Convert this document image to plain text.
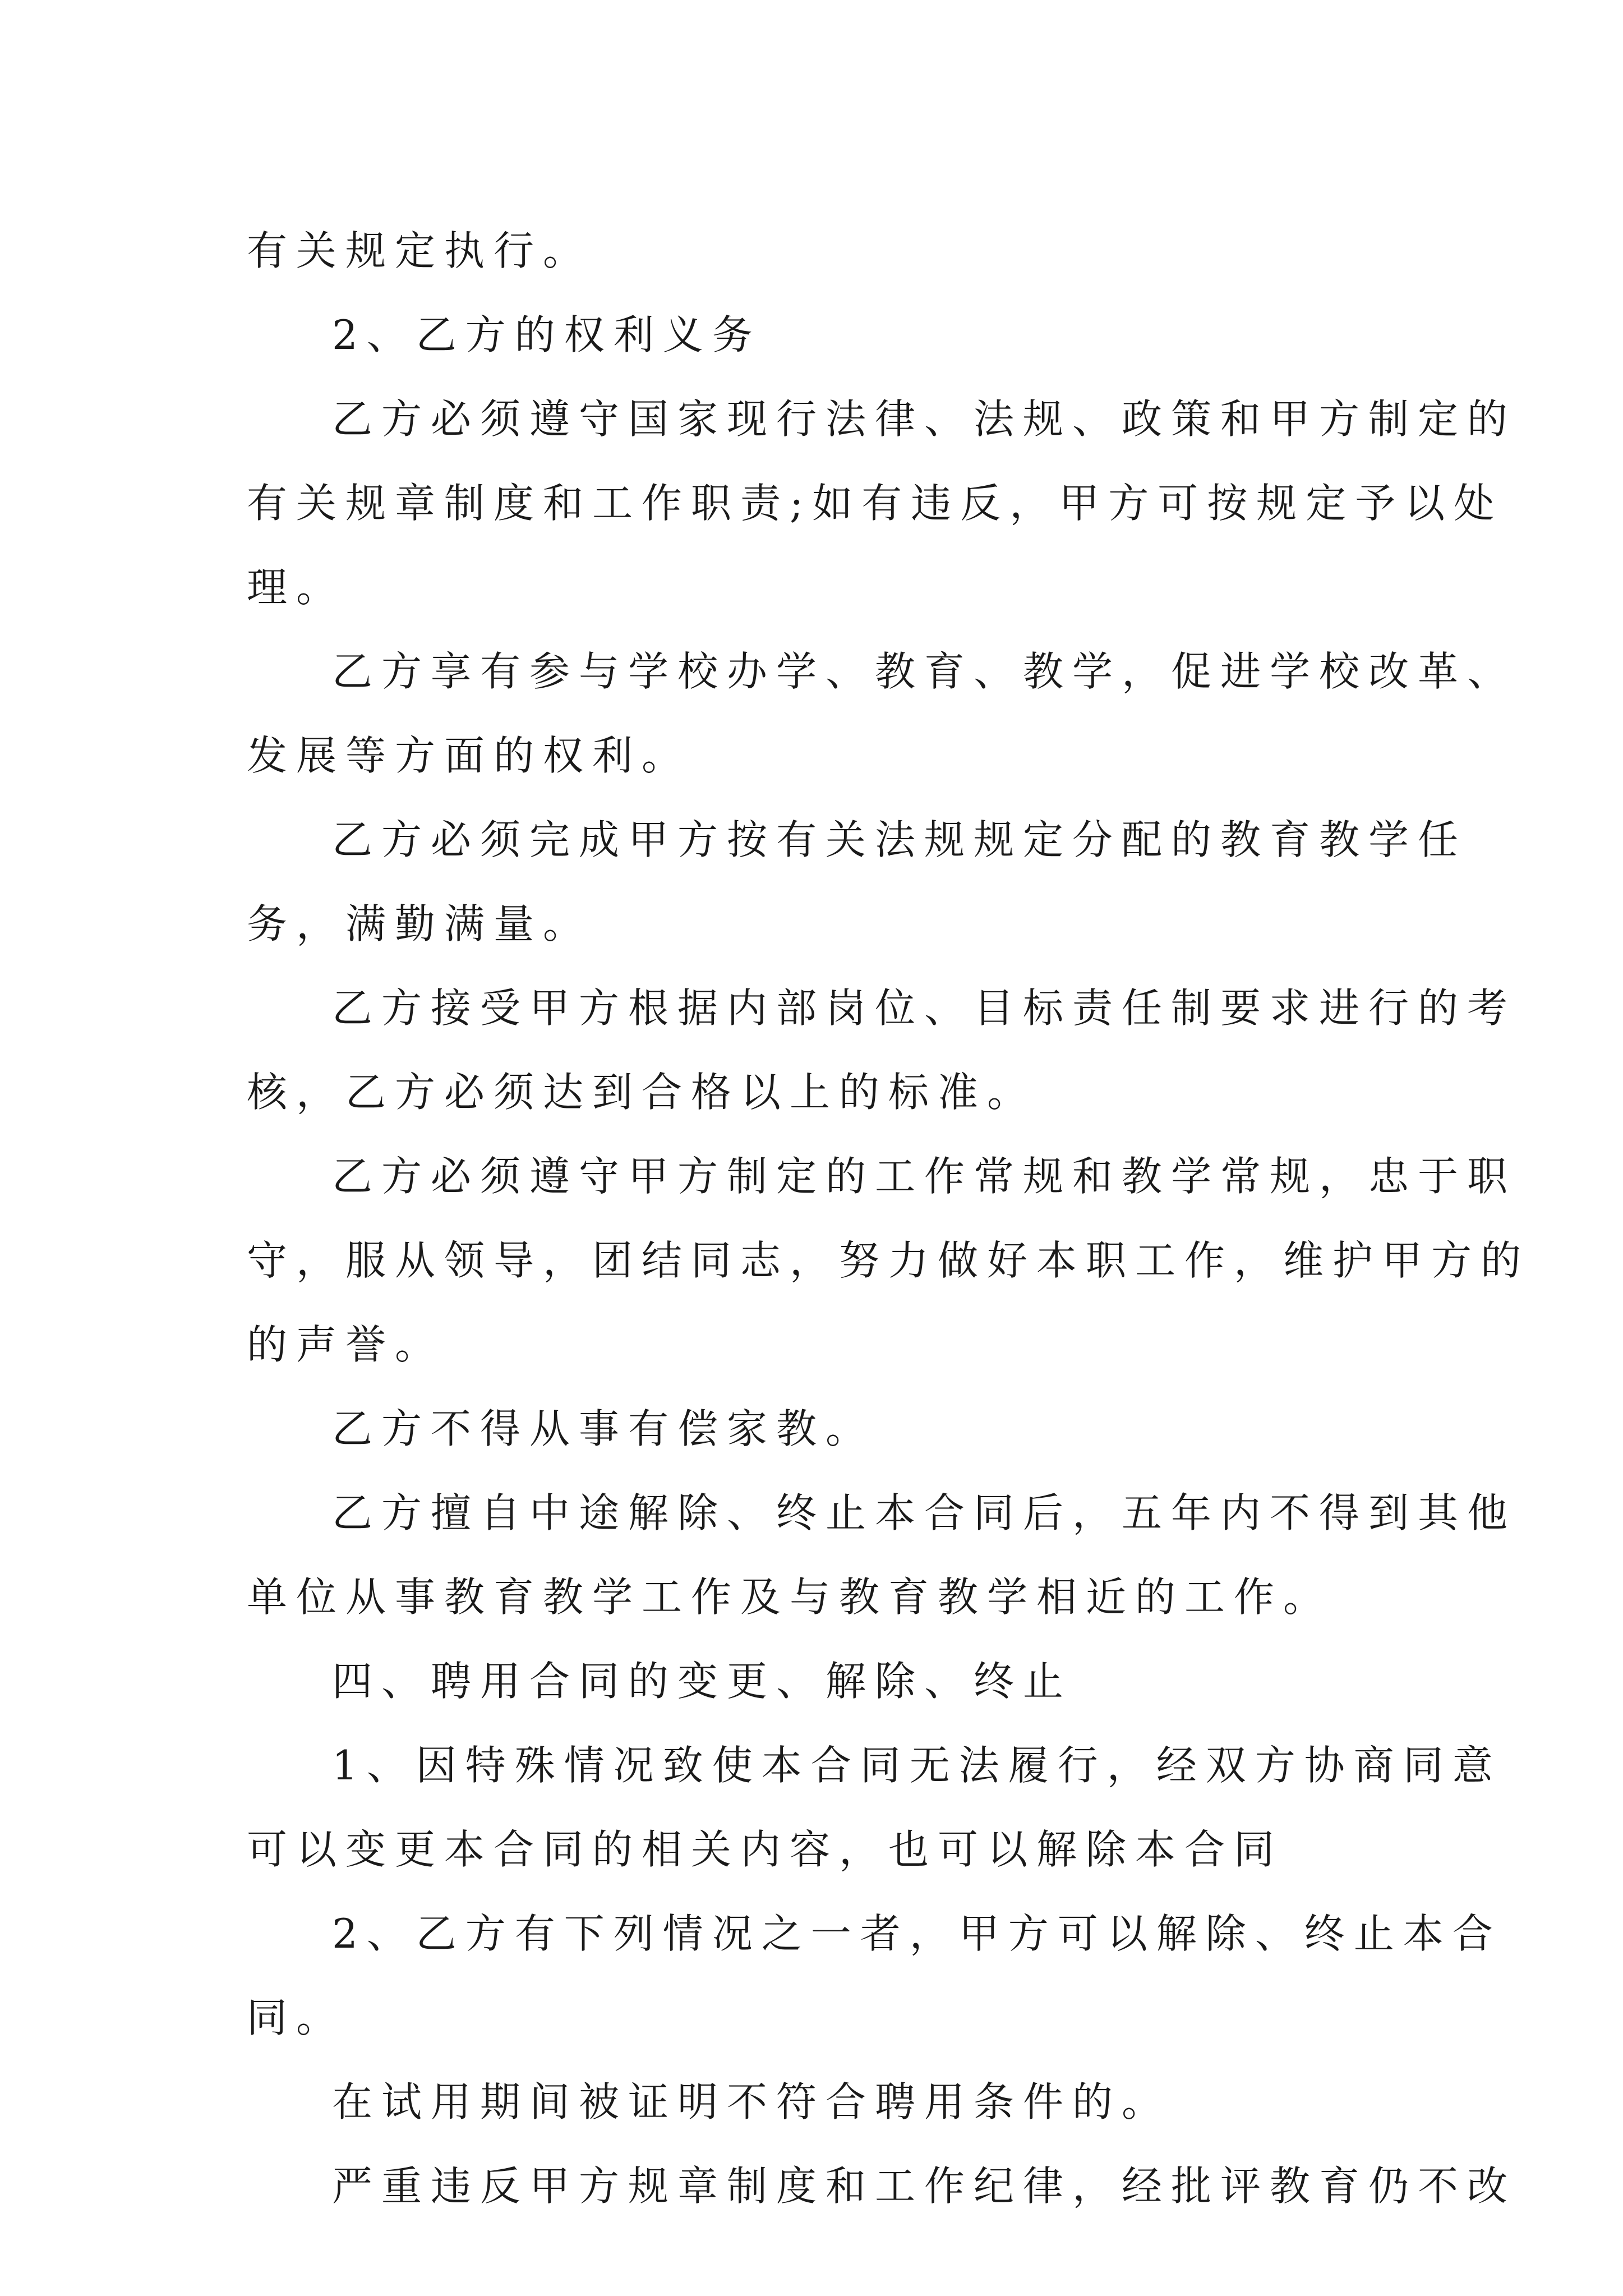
有关规定执行。
2、乙方的权利义务
乙方必须遵守国家现行法律、法规、政策和甲方制定的
有关规章制度和工作职责;如有违反，甲方可按规定予以处
理。
乙方享有参与学校办学、教育、教学，促进学校改革、
发展等方面的权利。
乙方必须完成甲方按有关法规规定分配的教育教学任
务，满勤满量。
乙方接受甲方根据内部岗位、目标责任制要求进行的考
核，乙方必须达到合格以上的标准。
乙方必须遵守甲方制定的工作常规和教学常规，忠于职
守，服从领导，团结同志，努力做好本职工作，维护甲方的
的声誉。
乙方不得从事有偿家教。
乙方擅自中途解除、终止本合同后，五年内不得到其他
单位从事教育教学工作及与教育教学相近的工作。
四、聘用合同的变更、解除、终止
1、因特殊情况致使本合同无法履行，经双方协商同意
可以变更本合同的相关内容，也可以解除本合同
2、乙方有下列情况之一者，甲方可以解除、终止本合
同。
在试用期间被证明不符合聘用条件的。
严重违反甲方规章制度和工作纪律，经批评教育仍不改
